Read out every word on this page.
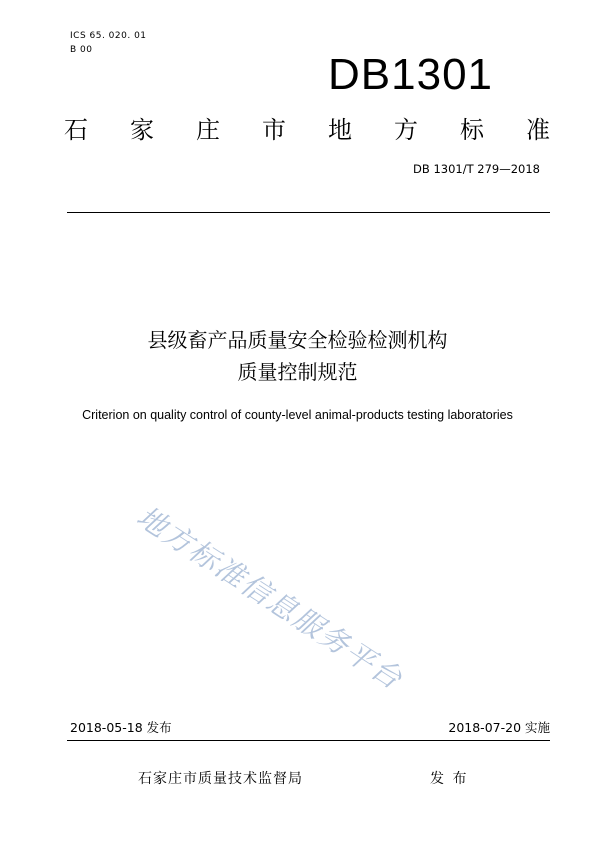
ICS 65. 020. 01
B 00	DB1301
石 家 庄 市 地 方 标 准
DB 1301/T 279—2018
县级畜产品质量安全检验检测机构
质量控制规范
Criterion on quality control of county-level animal-products testing laboratories
地方标准信息服务平台
2018-05-18 发布	2018-07-20 实施
石家庄市质量技术监督局	发 布
